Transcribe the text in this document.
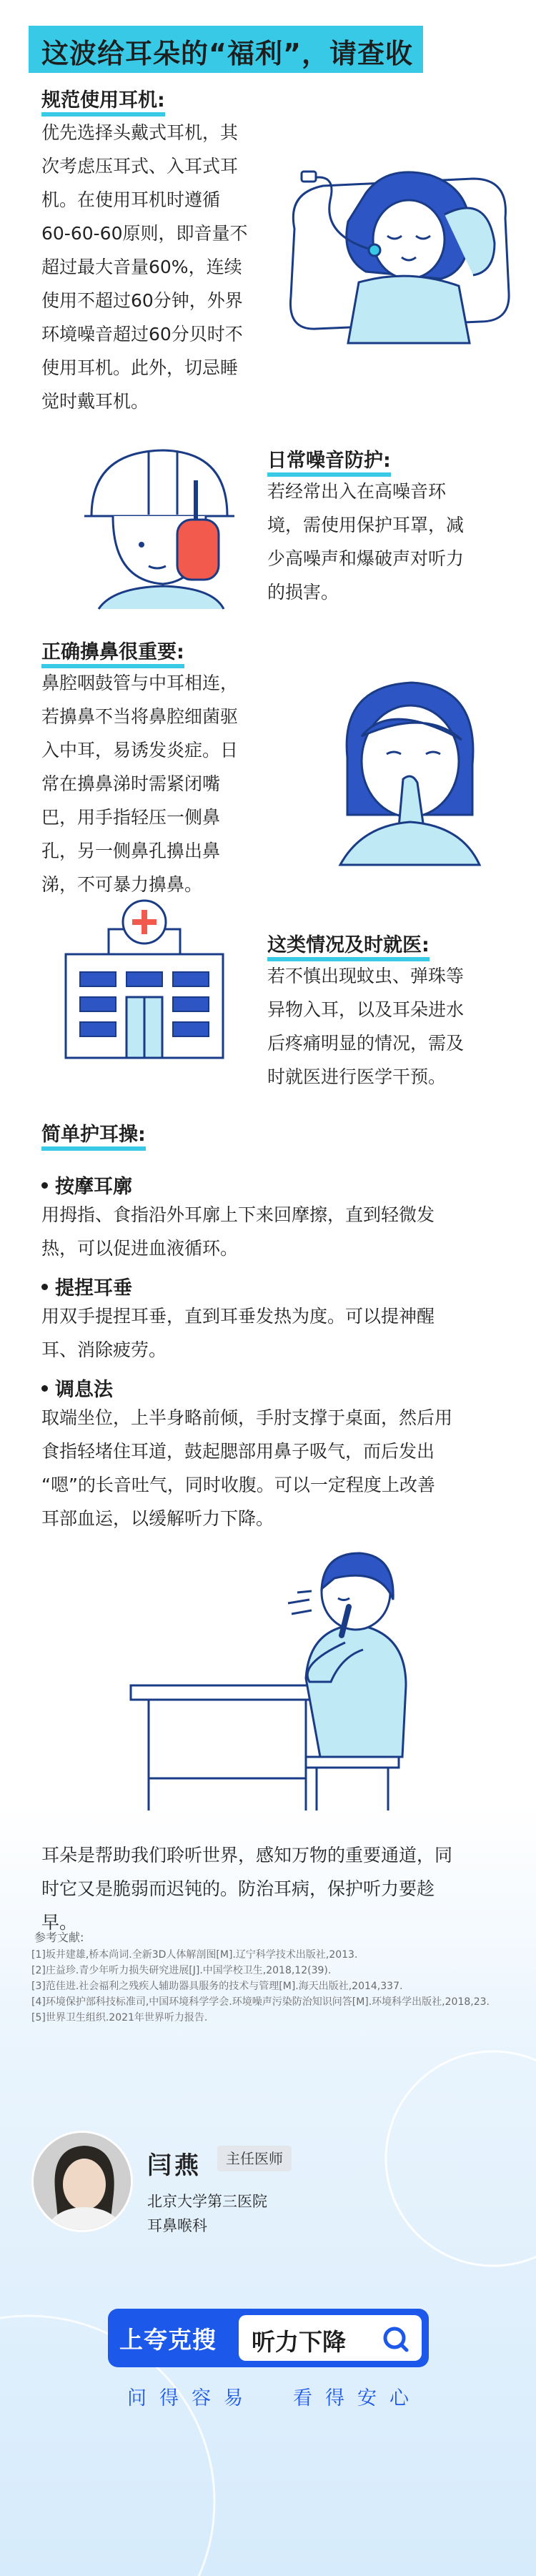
这波给耳朵的“福利”，请查收
规范使用耳机:
优先选择头戴式耳机，其
次考虑压耳式、入耳式耳
机。在使用耳机时遵循
60-60-60原则，即音量不
超过最大音量60%，连续
使用不超过60分钟，外界
环境噪音超过60分贝时不
使用耳机。此外，切忌睡
觉时戴耳机。
日常噪音防护:
若经常出入在高噪音环
境，需使用保护耳罩，减
少高噪声和爆破声对听力
的损害。
正确擤鼻很重要:
鼻腔咽鼓管与中耳相连，
若擤鼻不当将鼻腔细菌驱
入中耳，易诱发炎症。日
常在擤鼻涕时需紧闭嘴
巴，用手指轻压一侧鼻
孔，另一侧鼻孔擤出鼻
涕，不可暴力擤鼻。
这类情况及时就医:
若不慎出现蚊虫、弹珠等
异物入耳，以及耳朵进水
后疼痛明显的情况，需及
时就医进行医学干预。
简单护耳操:
按摩耳廓
用拇指、食指沿外耳廓上下来回摩擦，直到轻微发
热，可以促进血液循环。
提捏耳垂
用双手提捏耳垂，直到耳垂发热为度。可以提神醒
耳、消除疲劳。
调息法
取端坐位，上半身略前倾，手肘支撑于桌面，然后用
食指轻堵住耳道，鼓起腮部用鼻子吸气，而后发出
“嗯”的长音吐气，同时收腹。可以一定程度上改善
耳部血运，以缓解听力下降。
耳朵是帮助我们聆听世界，感知万物的重要通道，同
时它又是脆弱而迟钝的。防治耳病，保护听力要趁
早。
参考文献:
[1]坂井建雄,桥本尚词.全新3D人体解剖图[M].辽宁科学技术出版社,2013.
[2]庄益珍.青少年听力损失研究进展[J].中国学校卫生,2018,12(39).
[3]范佳进.社会福利之残疾人辅助器具服务的技术与管理[M].海天出版社,2014,337.
[4]环境保护部科技标准司,中国环境科学学会.环境噪声污染防治知识问答[M].环境科学出版社,2018,23.
[5]世界卫生组织.2021年世界听力报告.
闫燕	主任医师
北京大学第三医院
耳鼻喉科
上夸克搜 听力下降
问得容易 看得安心
